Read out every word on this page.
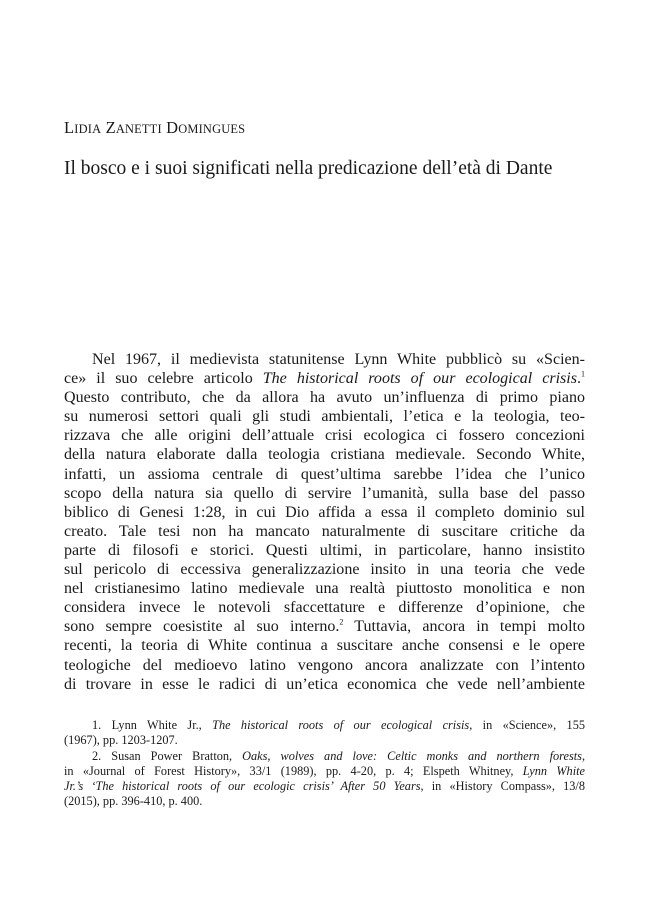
LIDIA ZANETTI DOMINGUES
Il bosco e i suoi significati nella predicazione dell’età di Dante
Nel 1967, il medievista statunitense Lynn White pubblicò su «Scien-
ce» il suo celebre articolo The historical roots of our ecological crisis.$^1$
Questo contributo, che da allora ha avuto un’influenza di primo piano
su numerosi settori quali gli studi ambientali, l’etica e la teologia, teo-
rizzava che alle origini dell’attuale crisi ecologica ci fossero concezioni
della natura elaborate dalla teologia cristiana medievale. Secondo White,
infatti, un assioma centrale di quest’ultima sarebbe l’idea che l’unico
scopo della natura sia quello di servire l’umanità, sulla base del passo
biblico di Genesi 1:28, in cui Dio affida a essa il completo dominio sul
creato. Tale tesi non ha mancato naturalmente di suscitare critiche da
parte di filosofi e storici. Questi ultimi, in particolare, hanno insistito
sul pericolo di eccessiva generalizzazione insito in una teoria che vede
nel cristianesimo latino medievale una realtà piuttosto monolitica e non
considera invece le notevoli sfaccettature e differenze d’opinione, che
sono sempre coesistite al suo interno.$^2$ Tuttavia, ancora in tempi molto
recenti, la teoria di White continua a suscitare anche consensi e le opere
teologiche del medioevo latino vengono ancora analizzate con l’intento
di trovare in esse le radici di un’etica economica che vede nell’ambiente
1. Lynn White Jr., The historical roots of our ecological crisis, in «Science», 155
(1967), pp. 1203-1207.
2. Susan Power Bratton, Oaks, wolves and love: Celtic monks and northern forests,
in «Journal of Forest History», 33/1 (1989), pp. 4-20, p. 4; Elspeth Whitney, Lynn White
Jr.’s ‘The historical roots of our ecologic crisis’ After 50 Years, in «History Compass», 13/8
(2015), pp. 396-410, p. 400.
